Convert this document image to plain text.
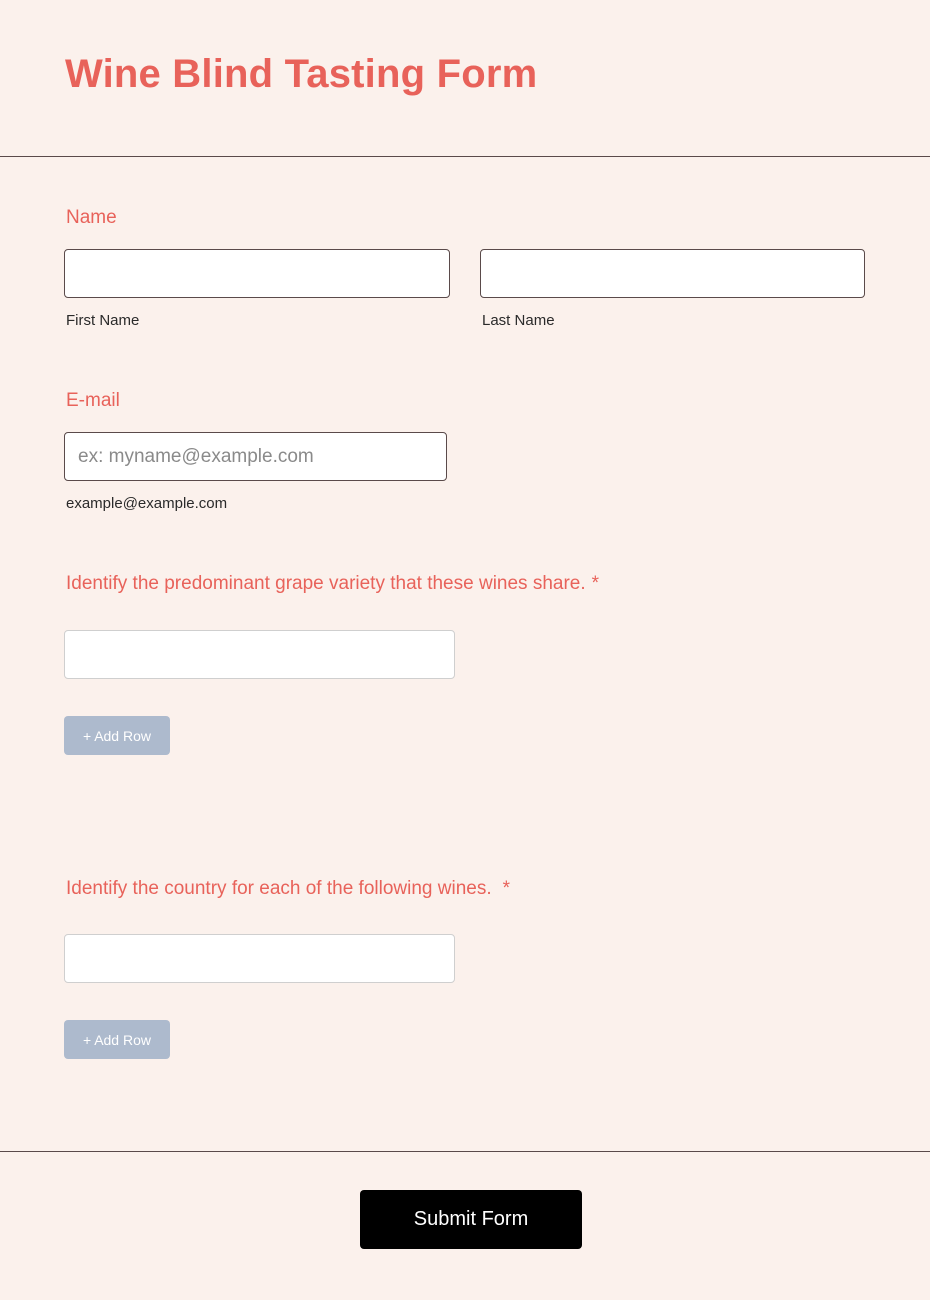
Wine Blind Tasting Form

Name

First Name	Last Name

E-mail

ex: myname@example.com

example@example.com

Identify the predominant grape variety that these wines share. *

+ Add Row

Identify the country for each of the following wines. *

+ Add Row
Submit Form
